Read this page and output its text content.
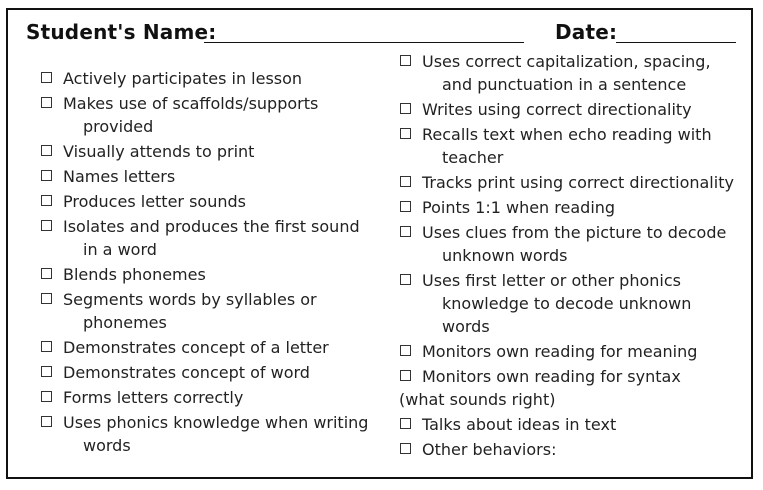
Student's Name:	Date:
Actively participates in lesson
Makes use of scaffolds/supports provided
Visually attends to print
Names letters
Produces letter sounds
Isolates and produces the first sound in a word
Blends phonemes
Segments words by syllables or phonemes
Demonstrates concept of a letter
Demonstrates concept of word
Forms letters correctly
Uses phonics knowledge when writing words
Uses correct capitalization, spacing, and punctuation in a sentence
Writes using correct directionality
Recalls text when echo reading with teacher
Tracks print using correct directionality
Points 1:1 when reading
Uses clues from the picture to decode unknown words
Uses first letter or other phonics knowledge to decode unknown words
Monitors own reading for meaning
Monitors own reading for syntax
(what sounds right)
Talks about ideas in text
Other behaviors:
